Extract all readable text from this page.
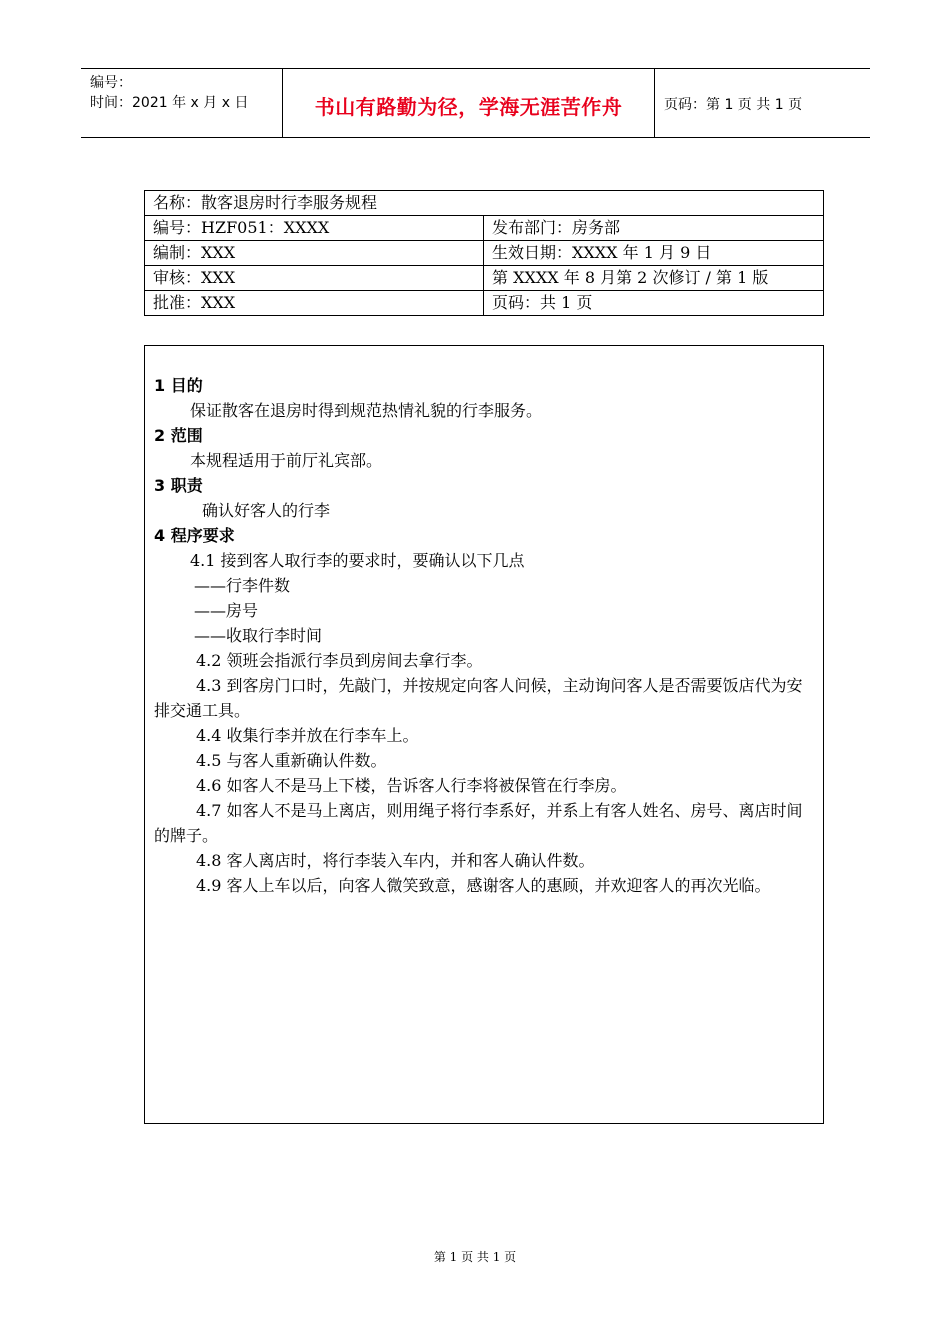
编号：
时间：2021 年 x 月 x 日	书山有路勤为径，学海无涯苦作舟	页码：第 1 页 共 1 页
名称：散客退房时行李服务规程	
编号：HZF051：XXXX	发布部门：房务部
编制：XXX	生效日期：XXXX 年 1 月 9 日
审核：XXX	第 XXXX 年 8 月第 2 次修订 / 第 1 版
批准：XXX	页码：共 1 页
1 目的
保证散客在退房时得到规范热情礼貌的行李服务。
2 范围
本规程适用于前厅礼宾部。
3 职责
确认好客人的行李
4 程序要求
4.1 接到客人取行李的要求时，要确认以下几点
——行李件数
——房号
——收取行李时间
4.2 领班会指派行李员到房间去拿行李。
4.3 到客房门口时，先敲门，并按规定向客人问候，主动询问客人是否需要饭店代为安排交通工具。
4.4 收集行李并放在行李车上。
4.5 与客人重新确认件数。
4.6 如客人不是马上下楼，告诉客人行李将被保管在行李房。
4.7 如客人不是马上离店，则用绳子将行李系好，并系上有客人姓名、房号、离店时间的牌子。
4.8 客人离店时，将行李装入车内，并和客人确认件数。
4.9 客人上车以后，向客人微笑致意，感谢客人的惠顾，并欢迎客人的再次光临。
第 1 页 共 1 页
